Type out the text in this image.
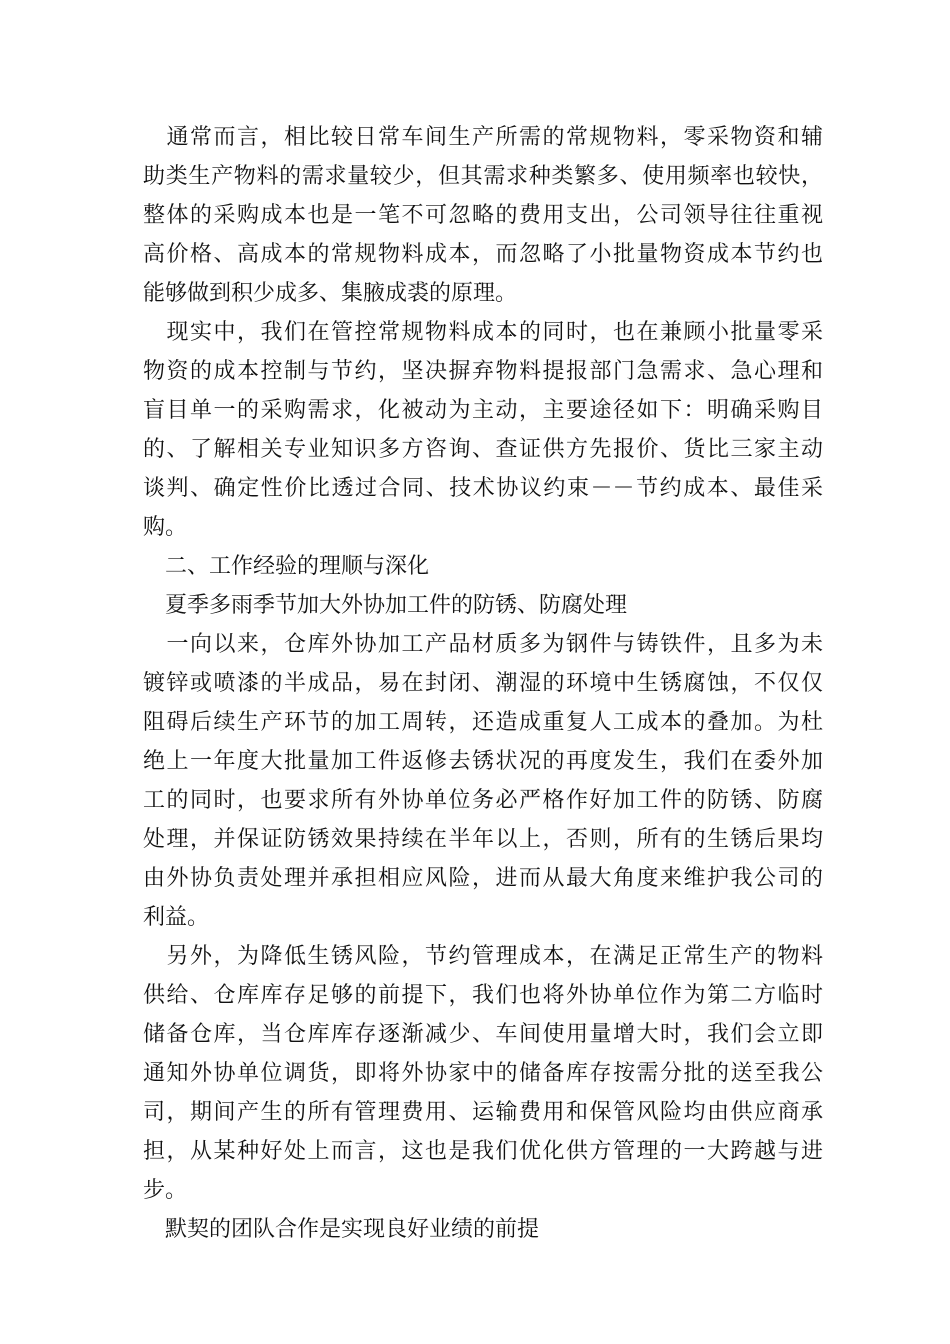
　通常而言，相比较日常车间生产所需的常规物料，零采物资和辅
助类生产物料的需求量较少，但其需求种类繁多、使用频率也较快，
整体的采购成本也是一笔不可忽略的费用支出，公司领导往往重视
高价格、高成本的常规物料成本，而忽略了小批量物资成本节约也
能够做到积少成多、集腋成裘的原理。
　现实中，我们在管控常规物料成本的同时，也在兼顾小批量零采
物资的成本控制与节约，坚决摒弃物料提报部门急需求、急心理和
盲目单一的采购需求，化被动为主动，主要途径如下：明确采购目
的、了解相关专业知识多方咨询、查证供方先报价、货比三家主动
谈判、确定性价比透过合同、技术协议约束－－节约成本、最佳采
购。
　二、工作经验的理顺与深化
　夏季多雨季节加大外协加工件的防锈、防腐处理
　一向以来，仓库外协加工产品材质多为钢件与铸铁件，且多为未
镀锌或喷漆的半成品，易在封闭、潮湿的环境中生锈腐蚀，不仅仅
阻碍后续生产环节的加工周转，还造成重复人工成本的叠加。为杜
绝上一年度大批量加工件返修去锈状况的再度发生，我们在委外加
工的同时，也要求所有外协单位务必严格作好加工件的防锈、防腐
处理，并保证防锈效果持续在半年以上，否则，所有的生锈后果均
由外协负责处理并承担相应风险，进而从最大角度来维护我公司的
利益。
　另外，为降低生锈风险，节约管理成本，在满足正常生产的物料
供给、仓库库存足够的前提下，我们也将外协单位作为第二方临时
储备仓库，当仓库库存逐渐减少、车间使用量增大时，我们会立即
通知外协单位调货，即将外协家中的储备库存按需分批的送至我公
司，期间产生的所有管理费用、运输费用和保管风险均由供应商承
担，从某种好处上而言，这也是我们优化供方管理的一大跨越与进
步。
　默契的团队合作是实现良好业绩的前提
